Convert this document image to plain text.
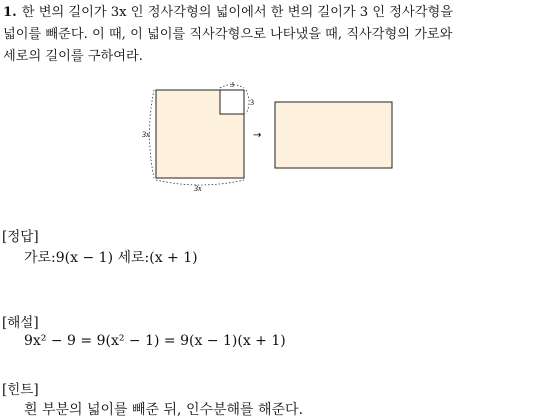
1. 한 변의 길이가 3x 인 정사각형의 넓이에서 한 변의 길이가 3 인 정사각형을
넓이를 빼준다. 이 때, 이 넓이를 직사각형으로 나타냈을 때, 직사각형의 가로와
세로의 길이를 구하여라.
3x
3x
3
3
→
[정답]
가로:9(x − 1) 세로:(x + 1)
[해설]
9x² − 9 = 9(x² − 1) = 9(x − 1)(x + 1)
[힌트]
흰 부분의 넓이를 빼준 뒤, 인수분해를 해준다.
